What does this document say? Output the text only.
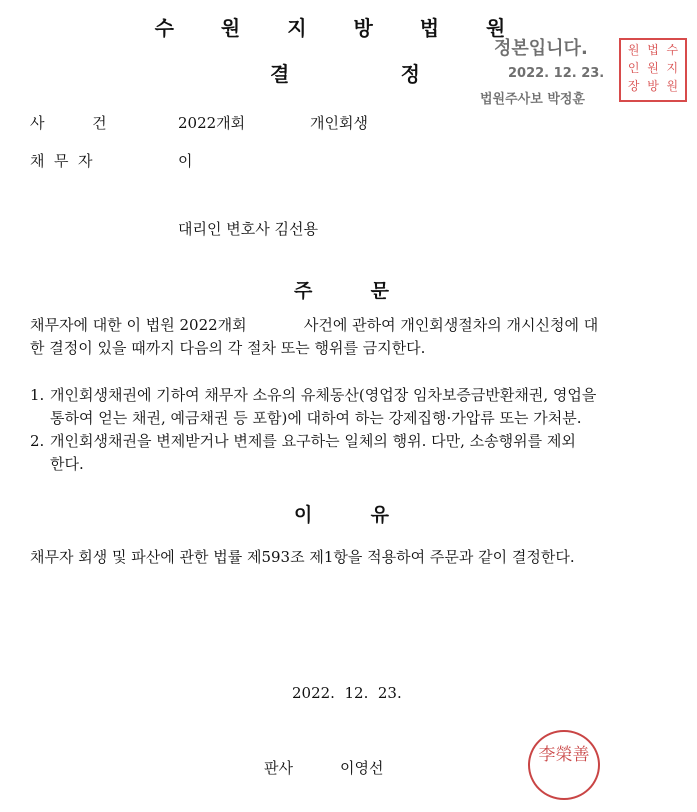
수 원 지 방 법 원
결	정
정본입니다.
2022. 12. 23.
법원주사보 박정훈
원 법 수
인 원 지
장 방 원
사          건	2022개회	개인회생
채  무  자	이
대리인 변호사 김선용
주	문
채무자에 대한 이 법원 2022개회            사건에 관하여 개인회생절차의 개시신청에 대
한 결정이 있을 때까지 다음의 각 절차 또는 행위를 금지한다.
1. 개인회생채권에 기하여 채무자 소유의 유체동산(영업장 임차보증금반환채권, 영업을
통하여 얻는 채권, 예금채권 등 포함)에 대하여 하는 강제집행·가압류 또는 가처분.
2. 개인회생채권을 변제받거나 변제를 요구하는 일체의 행위. 다만, 소송행위를 제외
한다.
이	유
채무자 회생 및 파산에 관한 법률 제593조 제1항을 적용하여 주문과 같이 결정한다.
2022.  12.  23.
판사	이영선
李榮善
